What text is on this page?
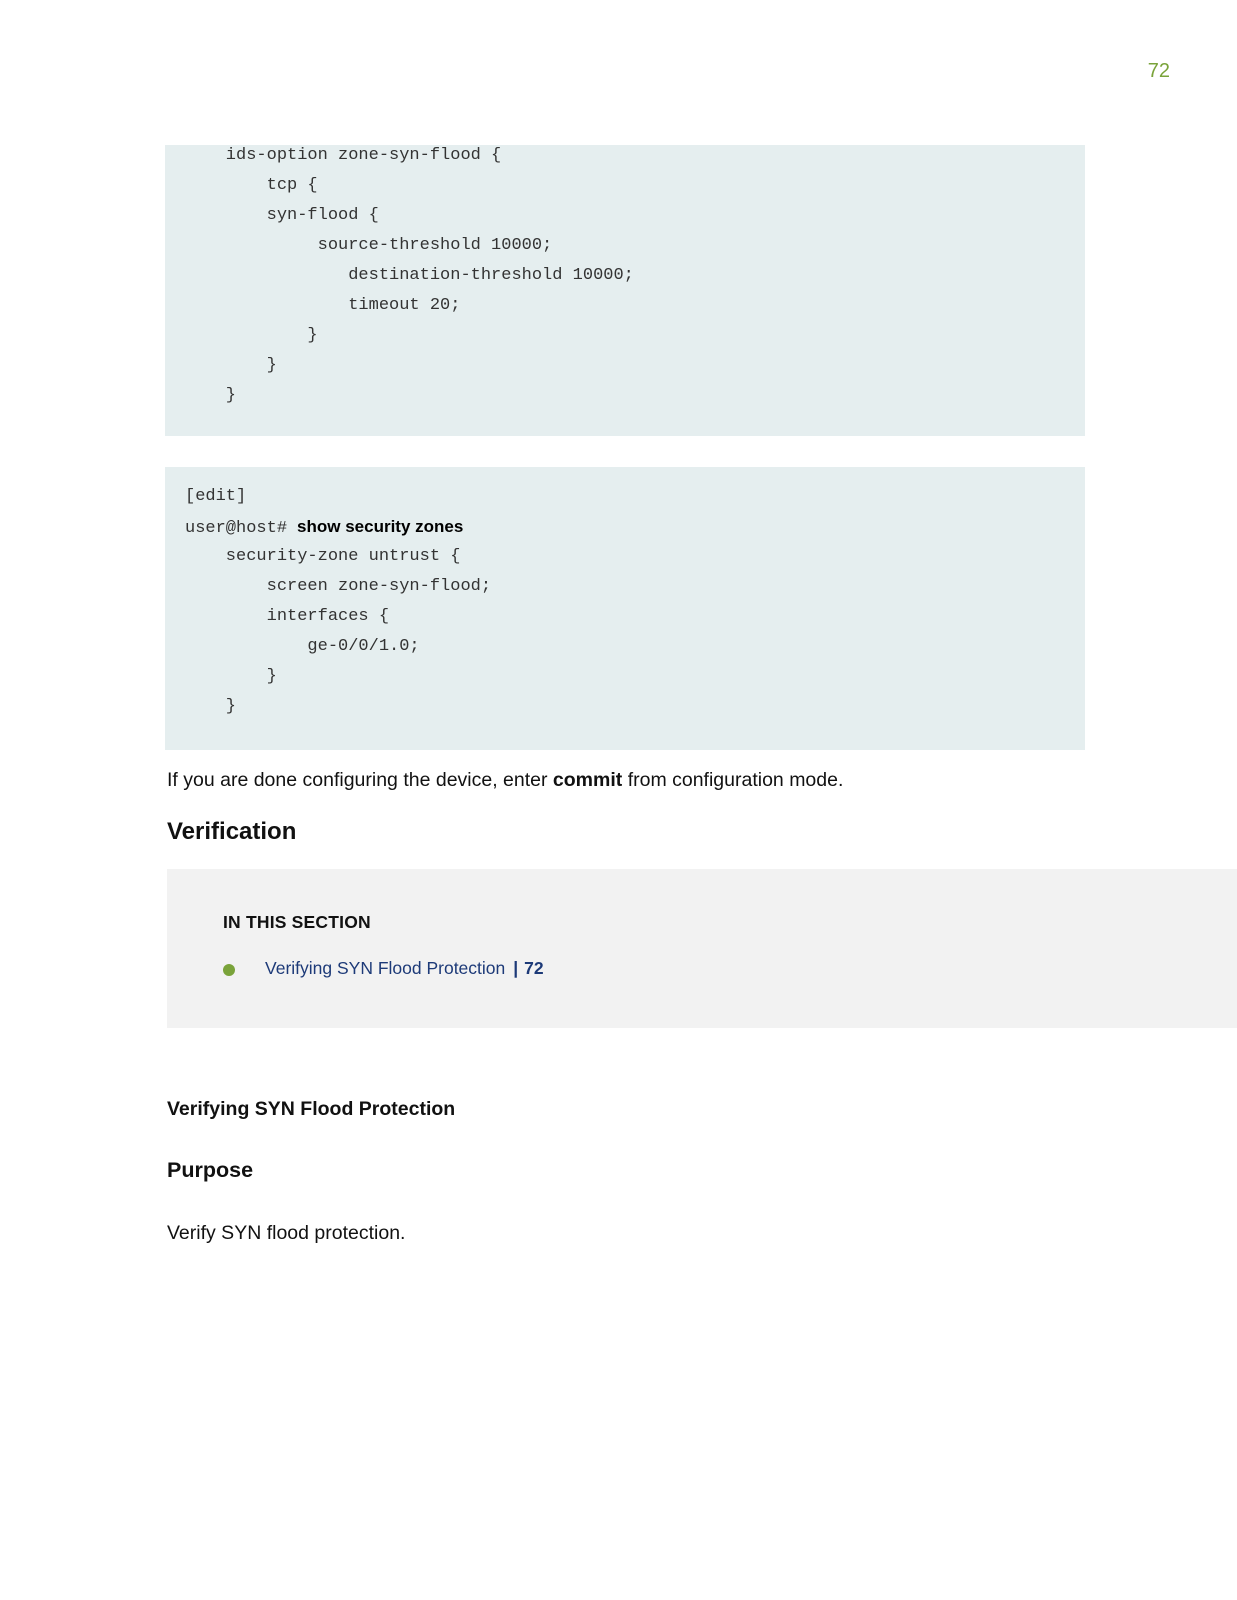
72
ids-option zone-syn-flood {
tcp {
syn-flood {
source-threshold 10000;
destination-threshold 10000;
timeout 20;
}
}
}
[edit]
user@host# show security zones
security-zone untrust {
screen zone-syn-flood;
interfaces {
ge-0/0/1.0;
}
}
If you are done configuring the device, enter commit from configuration mode.
Verification
IN THIS SECTION
Verifying SYN Flood Protection | 72
Verifying SYN Flood Protection
Purpose
Verify SYN flood protection.
